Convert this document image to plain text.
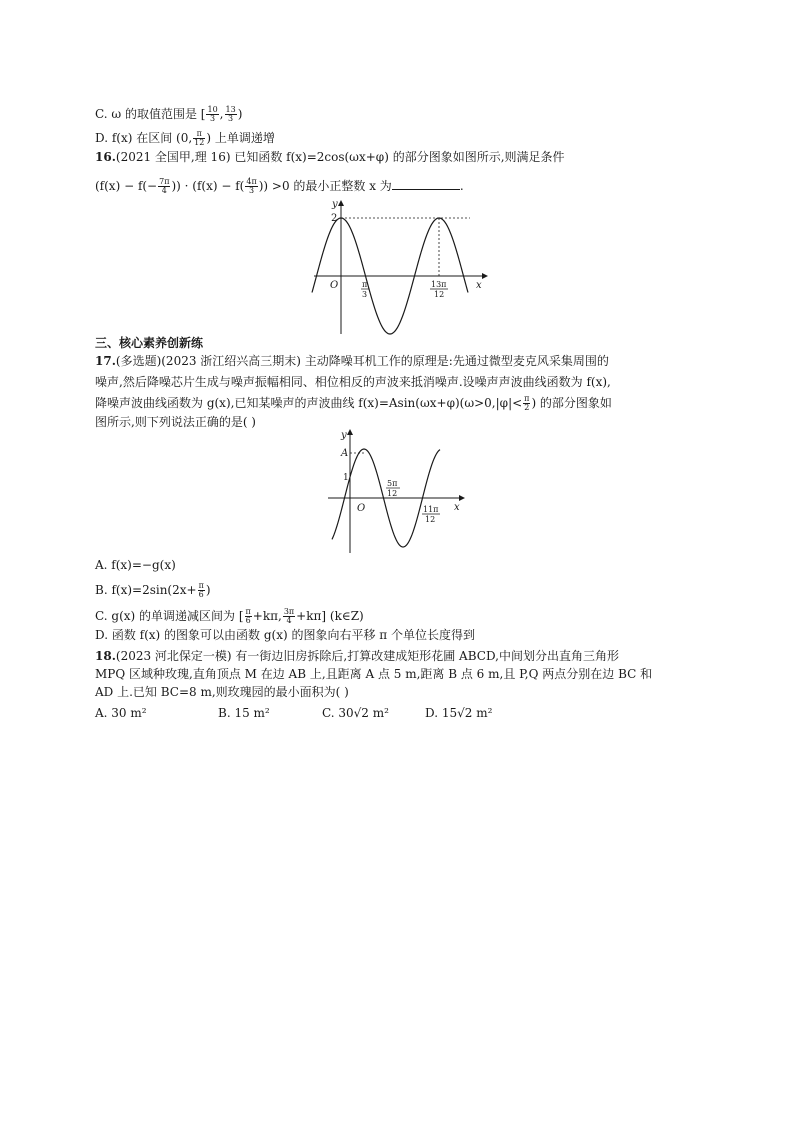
C. ω 的取值范围是 [ $\frac{10}{3}$ , $\frac{13}{3}$ )
D. f(x) 在区间 (0, $\frac{\pi}{12}$ ) 上单调递增
16.(2021 全国甲,理 16) 已知函数 f(x)=2cos(ωx+φ) 的部分图象如图所示,则满足条件
($f(x) - f(- \frac{7\pi}{4}$ )) · ($f(x) - f( \frac{4\pi}{3}$ )) >0 的最小正整数 x 为	.
y
x
O
2
π
3
13π
12
三、核心素养创新练
17.(多选题)(2023 浙江绍兴高三期末) 主动降噪耳机工作的原理是:先通过微型麦克风采集周围的
噪声,然后降噪芯片生成与噪声振幅相同、相位相反的声波来抵消噪声.设噪声声波曲线函数为 f(x),
降噪声波曲线函数为 g(x),已知某噪声的声波曲线 $f(x)=Asin(\omega x+\varphi)(\omega>0,|\varphi|< \frac{\pi}{2}$ ) 的部分图象如
图所示,则下列说法正确的是( )
y
x
O
A
1
5π
12
11π
12
A. f(x)=−g(x)
B. $f(x)=2\sin(2x+ \frac{\pi}{6}$ )
C. g(x) 的单调递减区间为 [ $\frac{\pi}{6} +k\pi$, $\frac{3\pi}{4} +k\pi$] (k∈Z)
D. 函数 f(x) 的图象可以由函数 g(x) 的图象向右平移 π 个单位长度得到
18.(2023 河北保定一模) 有一街边旧房拆除后,打算改建成矩形花圃 ABCD,中间划分出直角三角形
MPQ 区域种玫瑰,直角顶点 M 在边 AB 上,且距离 A 点 5 m,距离 B 点 6 m,且 P,Q 两点分别在边 BC 和
AD 上.已知 BC=8 m,则玫瑰园的最小面积为( )
A. 30 m²	B. 15 m²	C. 30√2 m²	D. 15√2 m²
